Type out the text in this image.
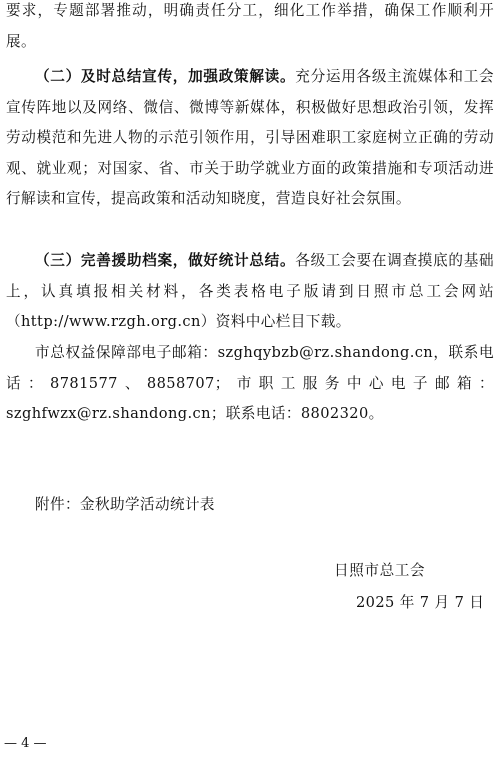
要求，专题部署推动，明确责任分工，细化工作举措，确保工作顺利开展。

（二）及时总结宣传，加强政策解读。充分运用各级主流媒体和工会宣传阵地以及网络、微信、微博等新媒体，积极做好思想政治引领，发挥劳动模范和先进人物的示范引领作用，引导困难职工家庭树立正确的劳动观、就业观；对国家、省、市关于助学就业方面的政策措施和专项活动进行解读和宣传，提高政策和活动知晓度，营造良好社会氛围。

（三）完善援助档案，做好统计总结。各级工会要在调查摸底的基础上，认真填报相关材料，各类表格电子版请到日照市总工会网站（http://www.rzgh.org.cn）资料中心栏目下载。

市总权益保障部电子邮箱：szghqybzb@rz.shandong.cn，联系电话：8781577、8858707；市职工服务中心电子邮箱：szghfwzx@rz.shandong.cn；联系电话：8802320。

附件：金秋助学活动统计表
日照市总工会
2025 年 7 月 7 日
— 4 —
